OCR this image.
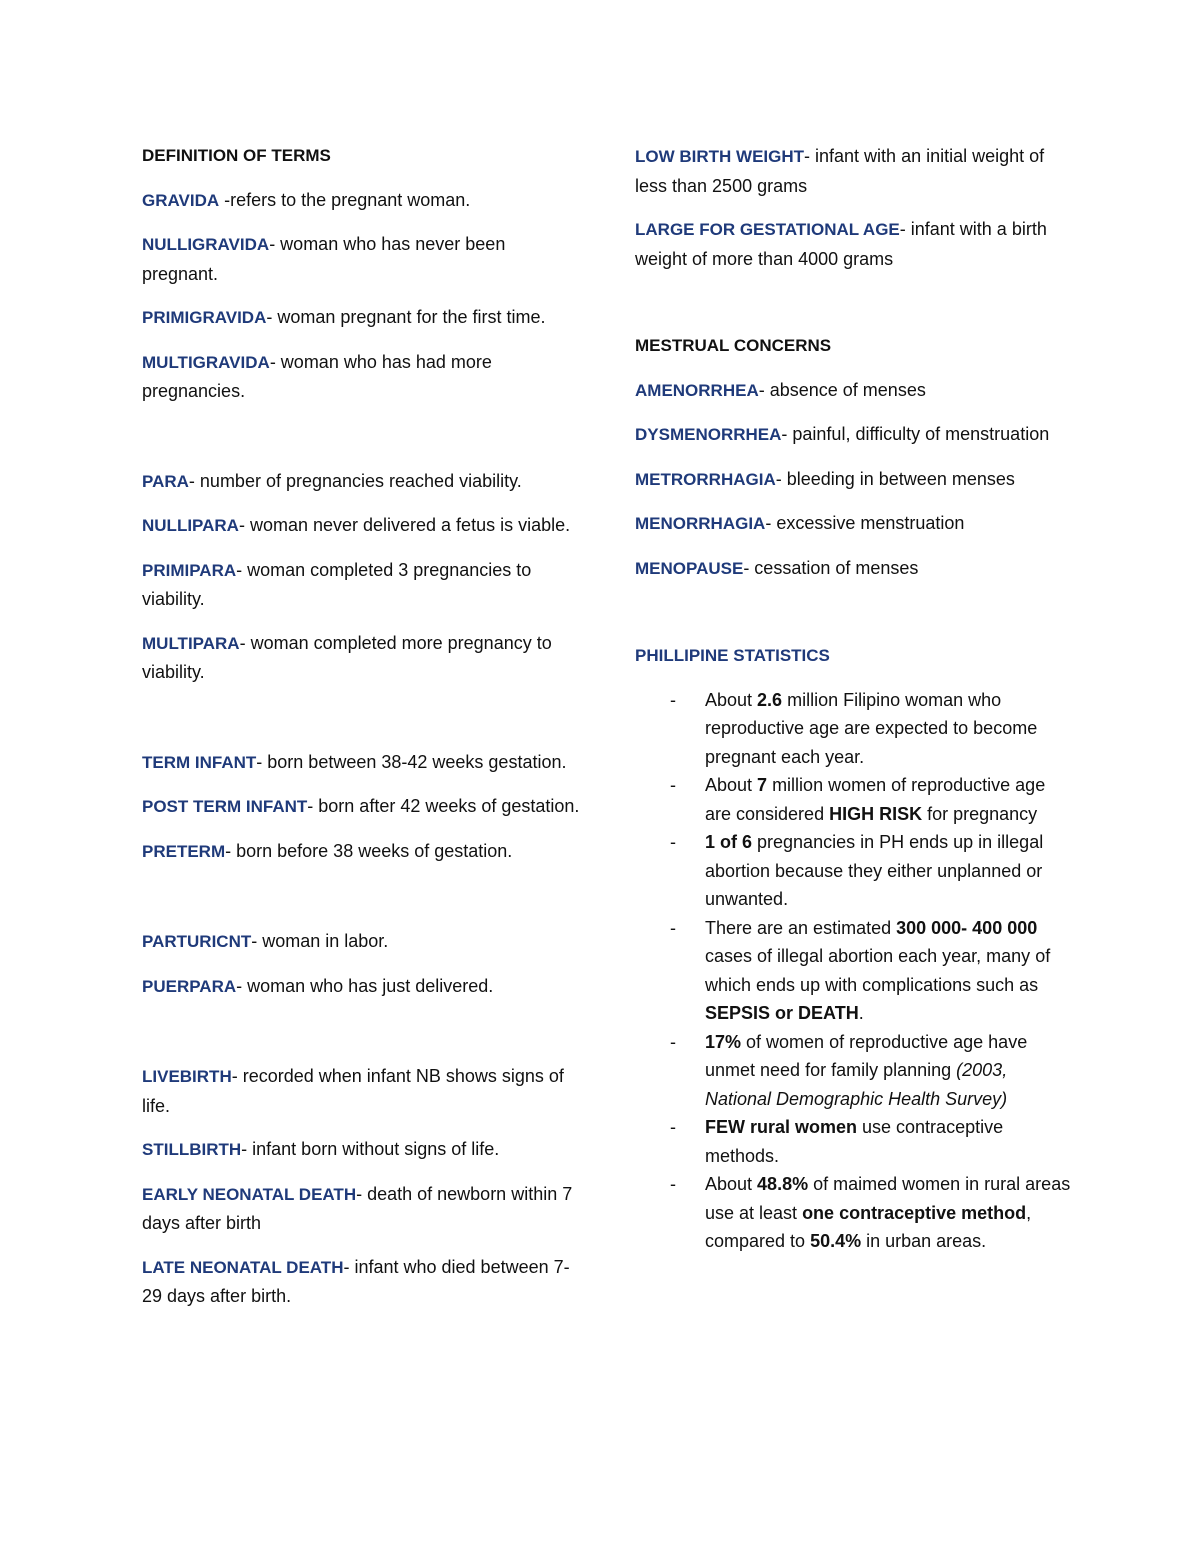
DEFINITION OF TERMS

GRAVIDA -refers to the pregnant woman.

NULLIGRAVIDA- woman who has never been pregnant.

PRIMIGRAVIDA- woman pregnant for the first time.

MULTIGRAVIDA- woman who has had more pregnancies.

PARA- number of pregnancies reached viability.

NULLIPARA- woman never delivered a fetus is viable.

PRIMIPARA- woman completed 3 pregnancies to viability.

MULTIPARA- woman completed more pregnancy to viability.

TERM INFANT- born between 38-42 weeks gestation.

POST TERM INFANT- born after 42 weeks of gestation.

PRETERM- born before 38 weeks of gestation.

PARTURICNT- woman in labor.

PUERPARA- woman who has just delivered.

LIVEBIRTH- recorded when infant NB shows signs of life.

STILLBIRTH- infant born without signs of life.

EARLY NEONATAL DEATH- death of newborn within 7 days after birth

LATE NEONATAL DEATH- infant who died between 7-29 days after birth.

LOW BIRTH WEIGHT- infant with an initial weight of less than 2500 grams

LARGE FOR GESTATIONAL AGE- infant with a birth weight of more than 4000 grams

MESTRUAL CONCERNS

AMENORRHEA- absence of menses

DYSMENORRHEA- painful, difficulty of menstruation

METRORRHAGIA- bleeding in between menses

MENORRHAGIA- excessive menstruation

MENOPAUSE- cessation of menses

PHILLIPINE STATISTICS

- About 2.6 million Filipino woman who reproductive age are expected to become pregnant each year.
- About 7 million women of reproductive age are considered HIGH RISK for pregnancy
- 1 of 6 pregnancies in PH ends up in illegal abortion because they either unplanned or unwanted.
- There are an estimated 300 000- 400 000 cases of illegal abortion each year, many of which ends up with complications such as SEPSIS or DEATH.
- 17% of women of reproductive age have unmet need for family planning (2003, National Demographic Health Survey)
- FEW rural women use contraceptive methods.
- About 48.8% of maimed women in rural areas use at least one contraceptive method, compared to 50.4% in urban areas.
